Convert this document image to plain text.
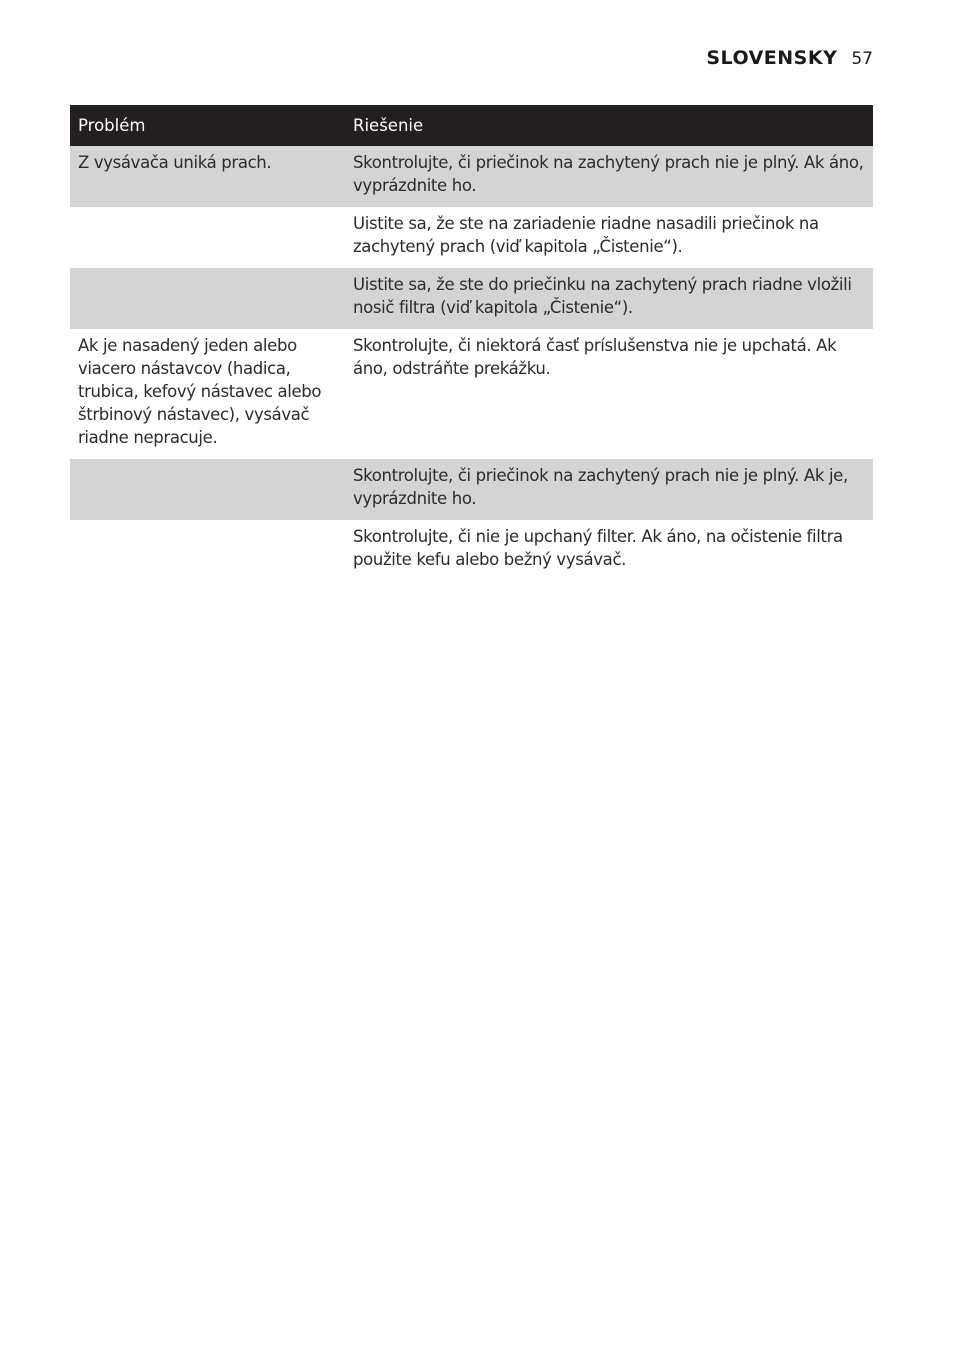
SLOVENSKY 57
Problém	Riešenie
Z vysávača uniká prach.	Skontrolujte, či priečinok na zachytený prach nie je plný. Ak áno, vyprázdnite ho.
	Uistite sa, že ste na zariadenie riadne nasadili priečinok na zachytený prach (viď kapitola „Čistenie“).
	Uistite sa, že ste do priečinku na zachytený prach riadne vložili nosič filtra (viď kapitola „Čistenie“).
Ak je nasadený jeden alebo viacero nástavcov (hadica, trubica, kefový nástavec alebo štrbinový nástavec), vysávač riadne nepracuje.	Skontrolujte, či niektorá časť príslušenstva nie je upchatá. Ak áno, odstráňte prekážku.
	Skontrolujte, či priečinok na zachytený prach nie je plný. Ak je, vyprázdnite ho.
	Skontrolujte, či nie je upchaný filter. Ak áno, na očistenie filtra použite kefu alebo bežný vysávač.
